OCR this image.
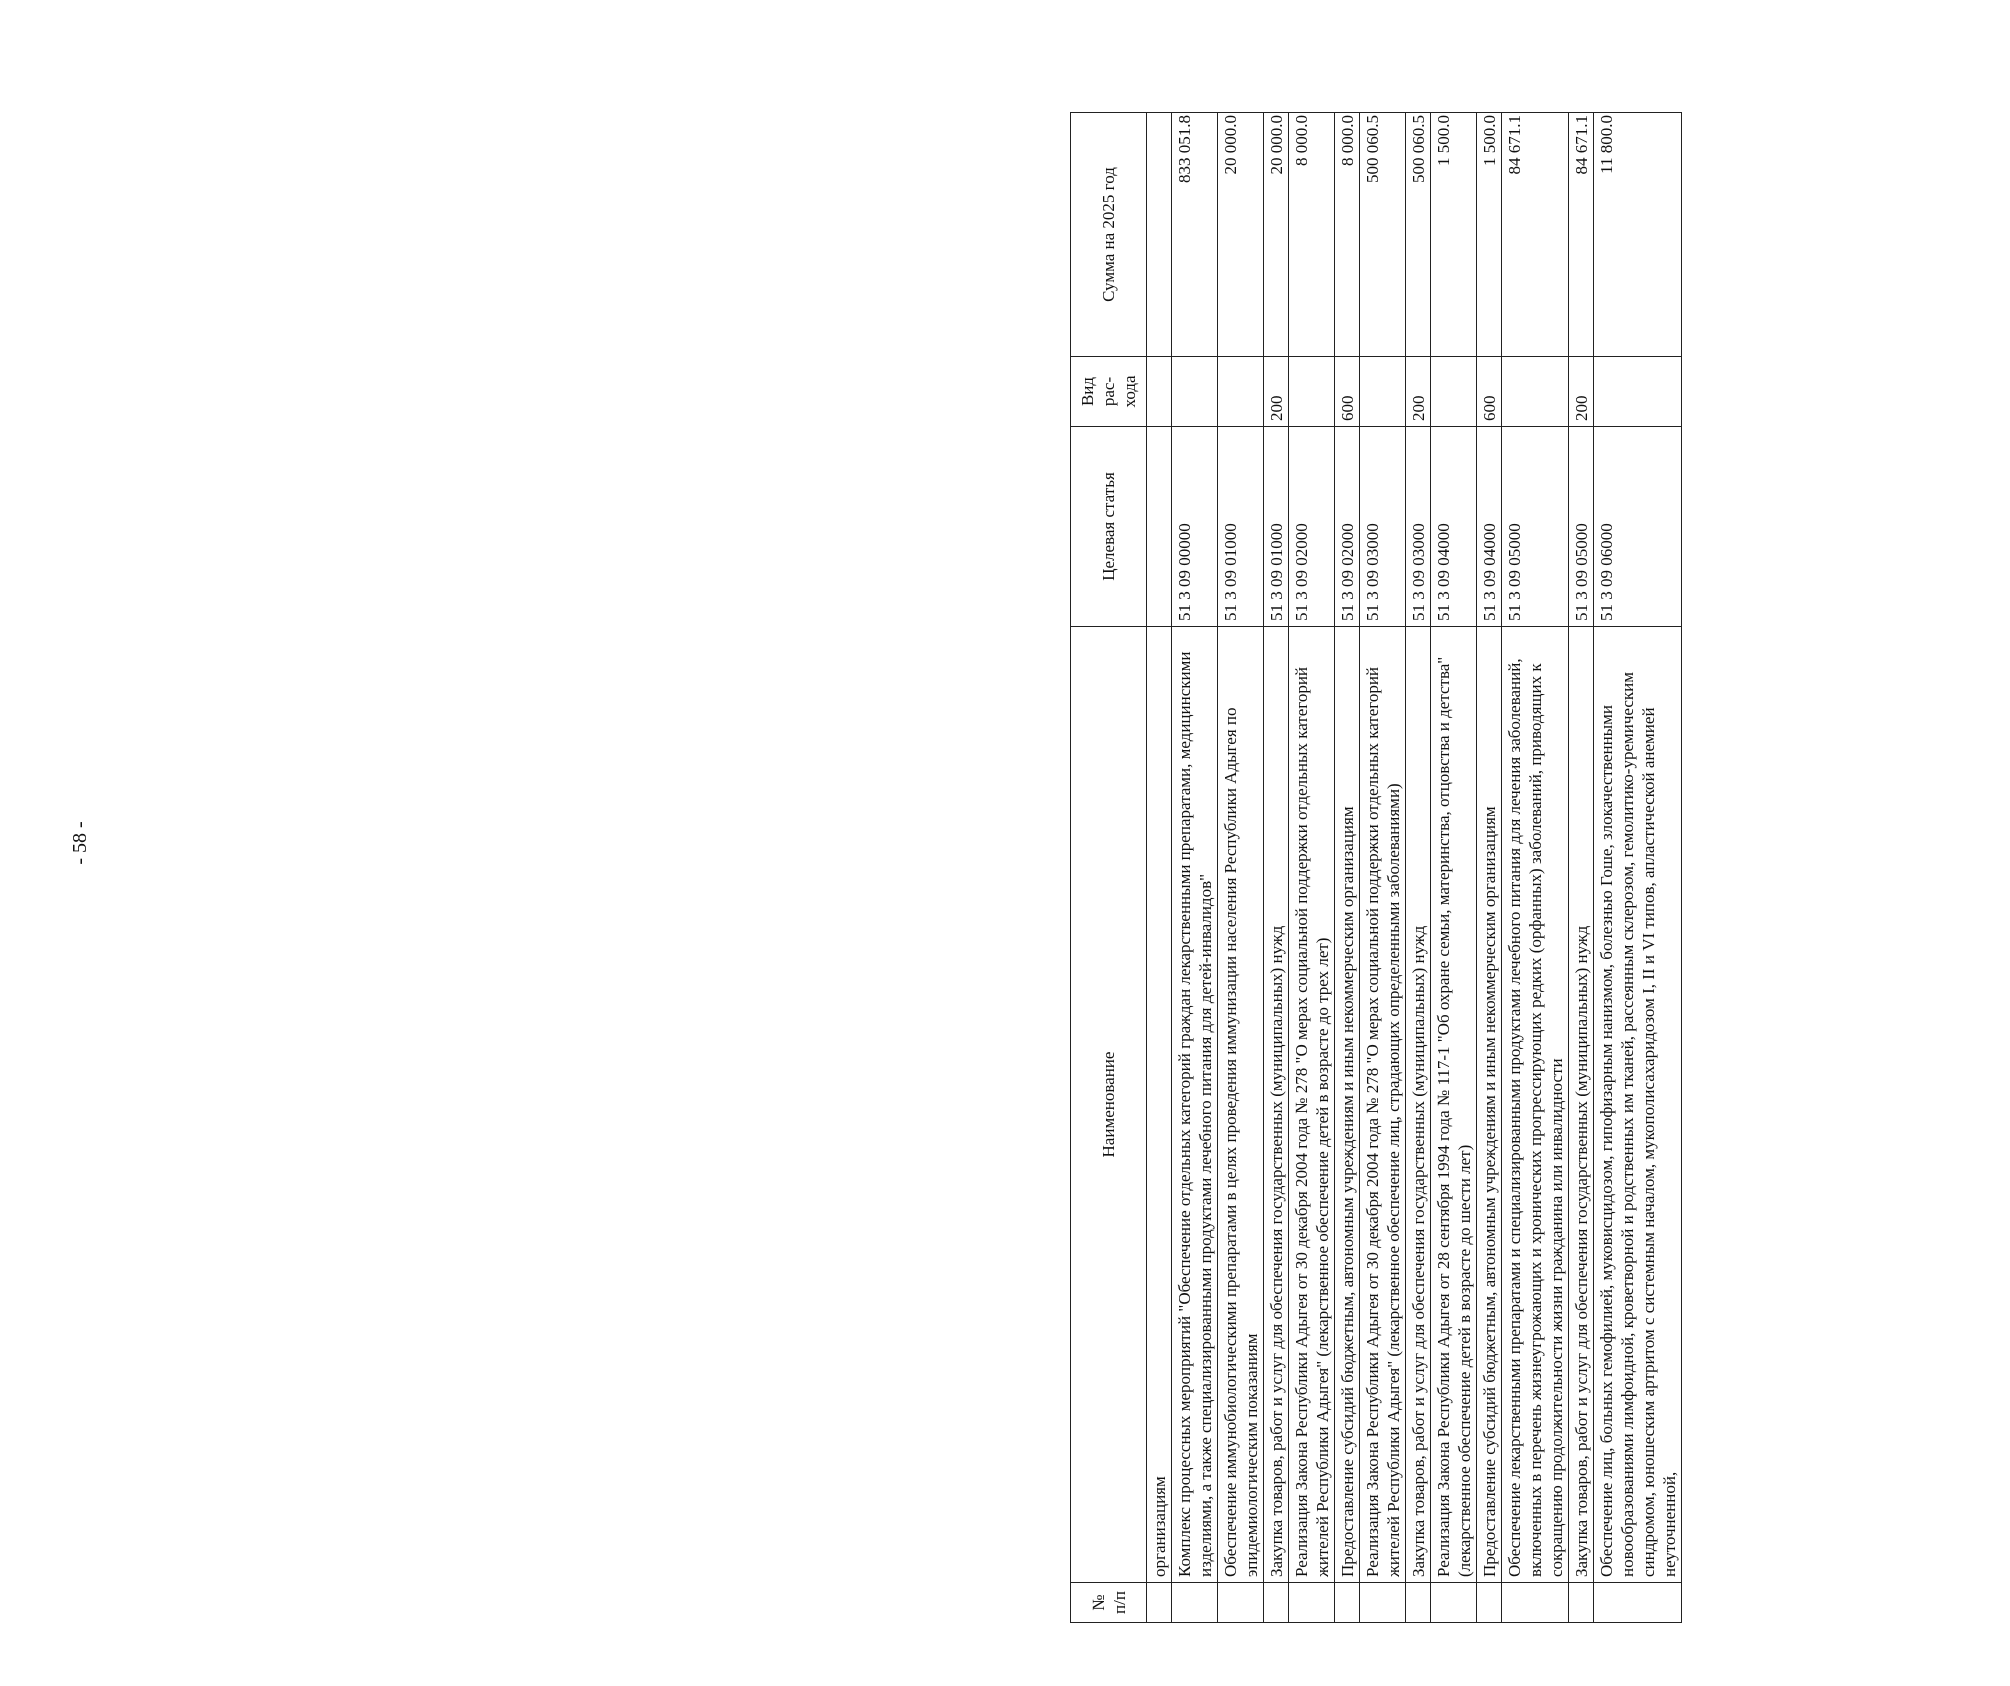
- 58 -
№ п/п	Наименование	Целевая статья	Вид рас- хода	Сумма на 2025 год
	организациям			
	Комплекс процессных мероприятий "Обеспечение отдельных категорий граждан лекарственными препаратами, медицинскими изделиями, а также специализированными продуктами лечебного питания для детей-инвалидов"	51 3 09 00000		833 051.8
	Обеспечение иммунобиологическими препаратами в целях проведения иммунизации населения Республики Адыгея по эпидемиологическим показаниям	51 3 09 01000		20 000.0
	Закупка товаров, работ и услуг для обеспечения государственных (муниципальных) нужд	51 3 09 01000	200	20 000.0
	Реализация Закона Республики Адыгея от 30 декабря 2004 года № 278 "О мерах социальной поддержки отдельных категорий жителей Республики Адыгея" (лекарственное обеспечение детей в возрасте до трех лет)	51 3 09 02000		8 000.0
	Предоставление субсидий бюджетным, автономным учреждениям и иным некоммерческим организациям	51 3 09 02000	600	8 000.0
	Реализация Закона Республики Адыгея от 30 декабря 2004 года № 278 "О мерах социальной поддержки отдельных категорий жителей Республики Адыгея" (лекарственное обеспечение лиц, страдающих определенными заболеваниями)	51 3 09 03000		500 060.5
	Закупка товаров, работ и услуг для обеспечения государственных (муниципальных) нужд	51 3 09 03000	200	500 060.5
	Реализация Закона Республики Адыгея от 28 сентября 1994 года № 117-1 "Об охране семьи, материнства, отцовства и детства" (лекарственное обеспечение детей в возрасте до шести лет)	51 3 09 04000		1 500.0
	Предоставление субсидий бюджетным, автономным учреждениям и иным некоммерческим организациям	51 3 09 04000	600	1 500.0
	Обеспечение лекарственными препаратами и специализированными продуктами лечебного питания для лечения заболеваний, включенных в перечень жизнеугрожающих и хронических прогрессирующих редких (орфанных) заболеваний, приводящих к сокращению продолжительности жизни гражданина или инвалидности	51 3 09 05000		84 671.1
	Закупка товаров, работ и услуг для обеспечения государственных (муниципальных) нужд	51 3 09 05000	200	84 671.1
	Обеспечение лиц, больных гемофилией, муковисцидозом, гипофизарным нанизмом, болезнью Гоше, злокачественными новообразованиями лимфоидной, кроветворной и родственных им тканей, рассеянным склерозом, гемолитико-уремическим синдромом, юношеским артритом с системным началом, мукополисахаридозом I, II и VI типов, апластической анемией неуточненной,	51 3 09 06000		11 800.0
